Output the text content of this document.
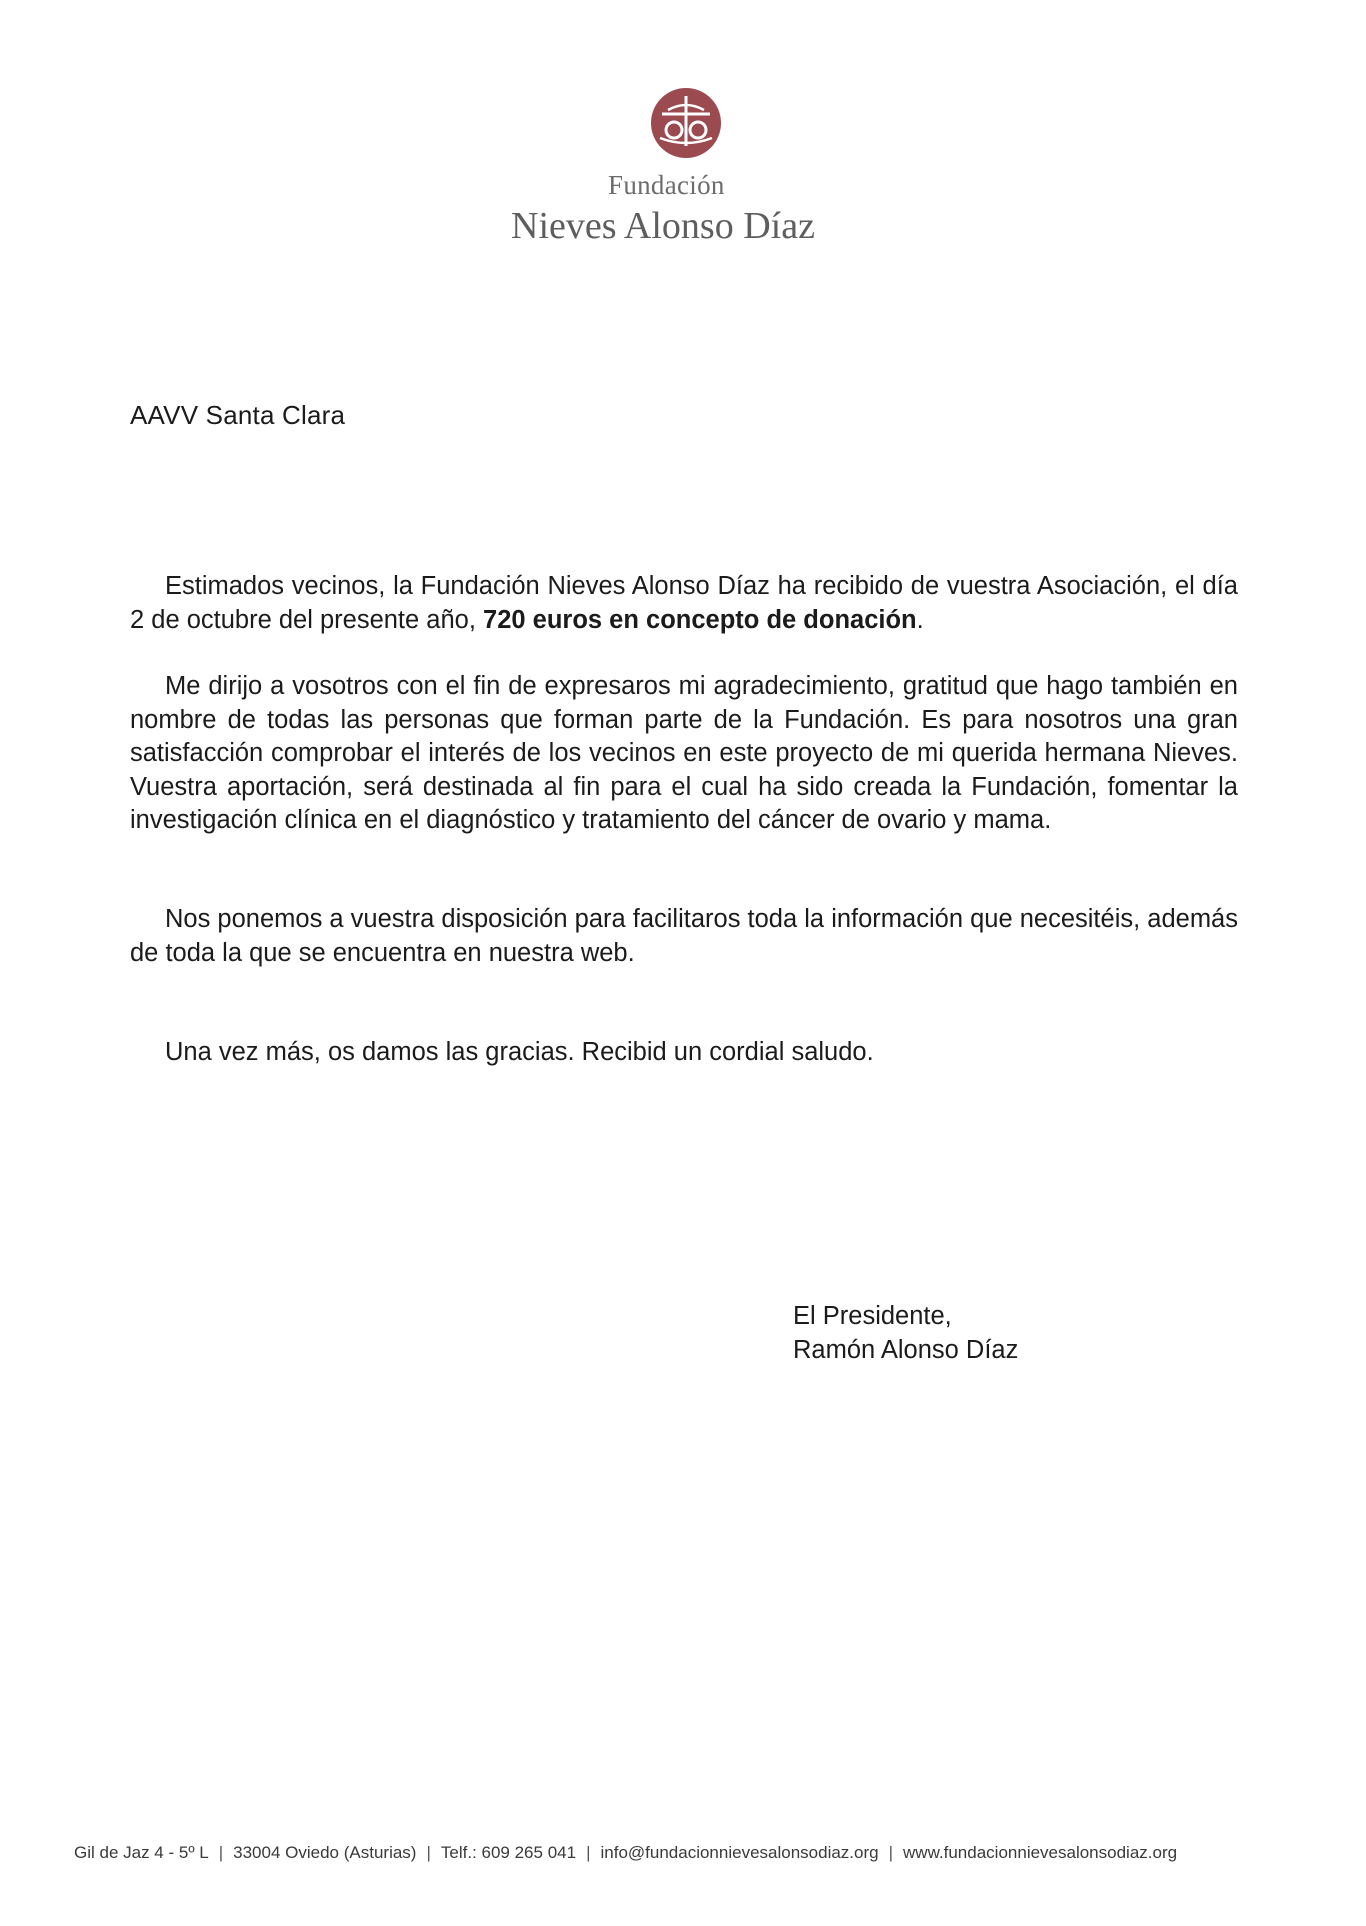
Fundación
Nieves Alonso Díaz
AAVV Santa Clara

Estimados vecinos, la Fundación Nieves Alonso Díaz ha recibido de vuestra Asociación, el día 2 de octubre del presente año, 720 euros en concepto de donación.

Me dirijo a vosotros con el fin de expresaros mi agradecimiento, gratitud que hago también en nombre de todas las personas que forman parte de la Fundación. Es para nosotros una gran satisfacción comprobar el interés de los vecinos en este proyecto de mi querida hermana Nieves. Vuestra aportación, será destinada al fin para el cual ha sido creada la Fundación, fomentar la investigación clínica en el diagnóstico y tratamiento del cáncer de ovario y mama.

Nos ponemos a vuestra disposición para facilitaros toda la información que necesitéis, además de toda la que se encuentra en nuestra web.

Una vez más, os damos las gracias. Recibid un cordial saludo.

El Presidente,
Ramón Alonso Díaz
Gil de Jaz 4 - 5º L | 33004 Oviedo (Asturias) | Telf.: 609 265 041 | info@fundacionnievesalonsodiaz.org | www.fundacionnievesalonsodiaz.org
